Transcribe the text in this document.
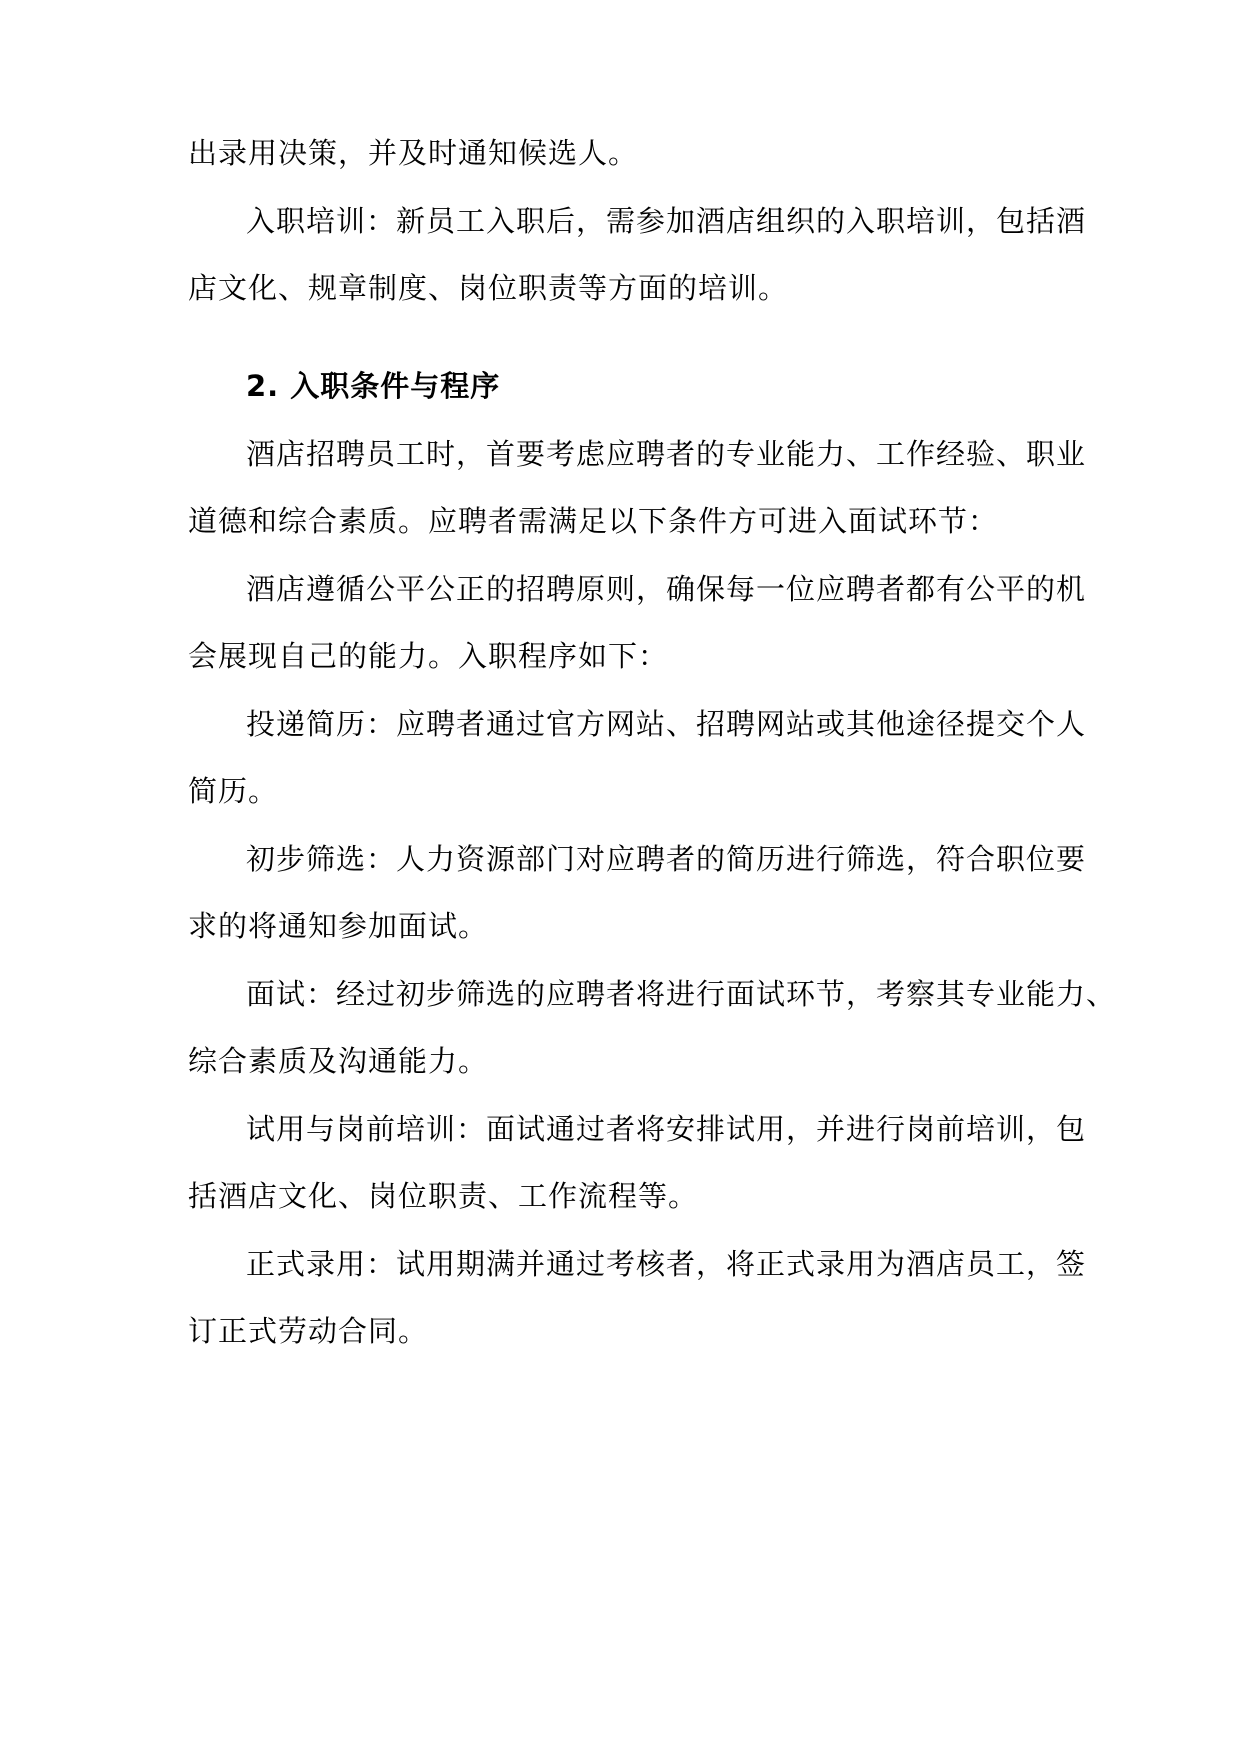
出录用决策，并及时通知候选人。
入职培训：新员工入职后，需参加酒店组织的入职培训，包括酒
店文化、规章制度、岗位职责等方面的培训。
2. 入职条件与程序
酒店招聘员工时，首要考虑应聘者的专业能力、工作经验、职业
道德和综合素质。应聘者需满足以下条件方可进入面试环节：
酒店遵循公平公正的招聘原则，确保每一位应聘者都有公平的机
会展现自己的能力。入职程序如下：
投递简历：应聘者通过官方网站、招聘网站或其他途径提交个人
简历。
初步筛选：人力资源部门对应聘者的简历进行筛选，符合职位要
求的将通知参加面试。
面试：经过初步筛选的应聘者将进行面试环节，考察其专业能力、
综合素质及沟通能力。
试用与岗前培训：面试通过者将安排试用，并进行岗前培训，包
括酒店文化、岗位职责、工作流程等。
正式录用：试用期满并通过考核者，将正式录用为酒店员工，签
订正式劳动合同。
